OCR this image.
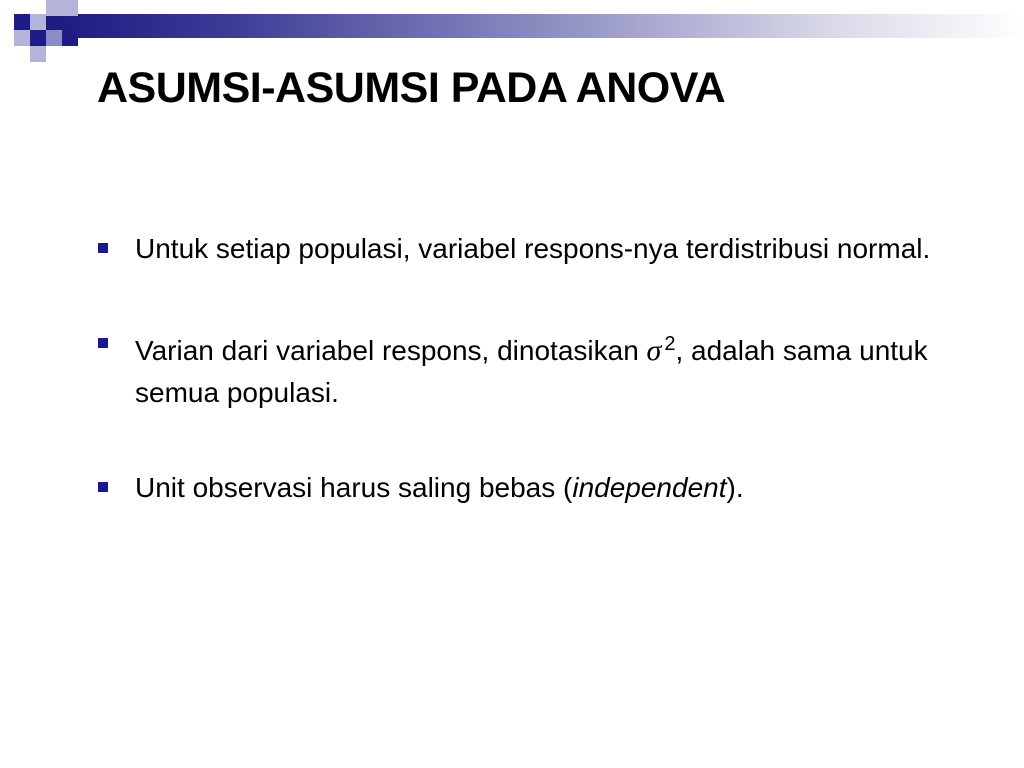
ASUMSI-ASUMSI PADA ANOVA
Untuk setiap populasi, variabel respons-nya terdistribusi normal.
Varian dari variabel respons, dinotasikan σ $^2$, adalah sama untuk semua populasi.
Unit observasi harus saling bebas (independent).
